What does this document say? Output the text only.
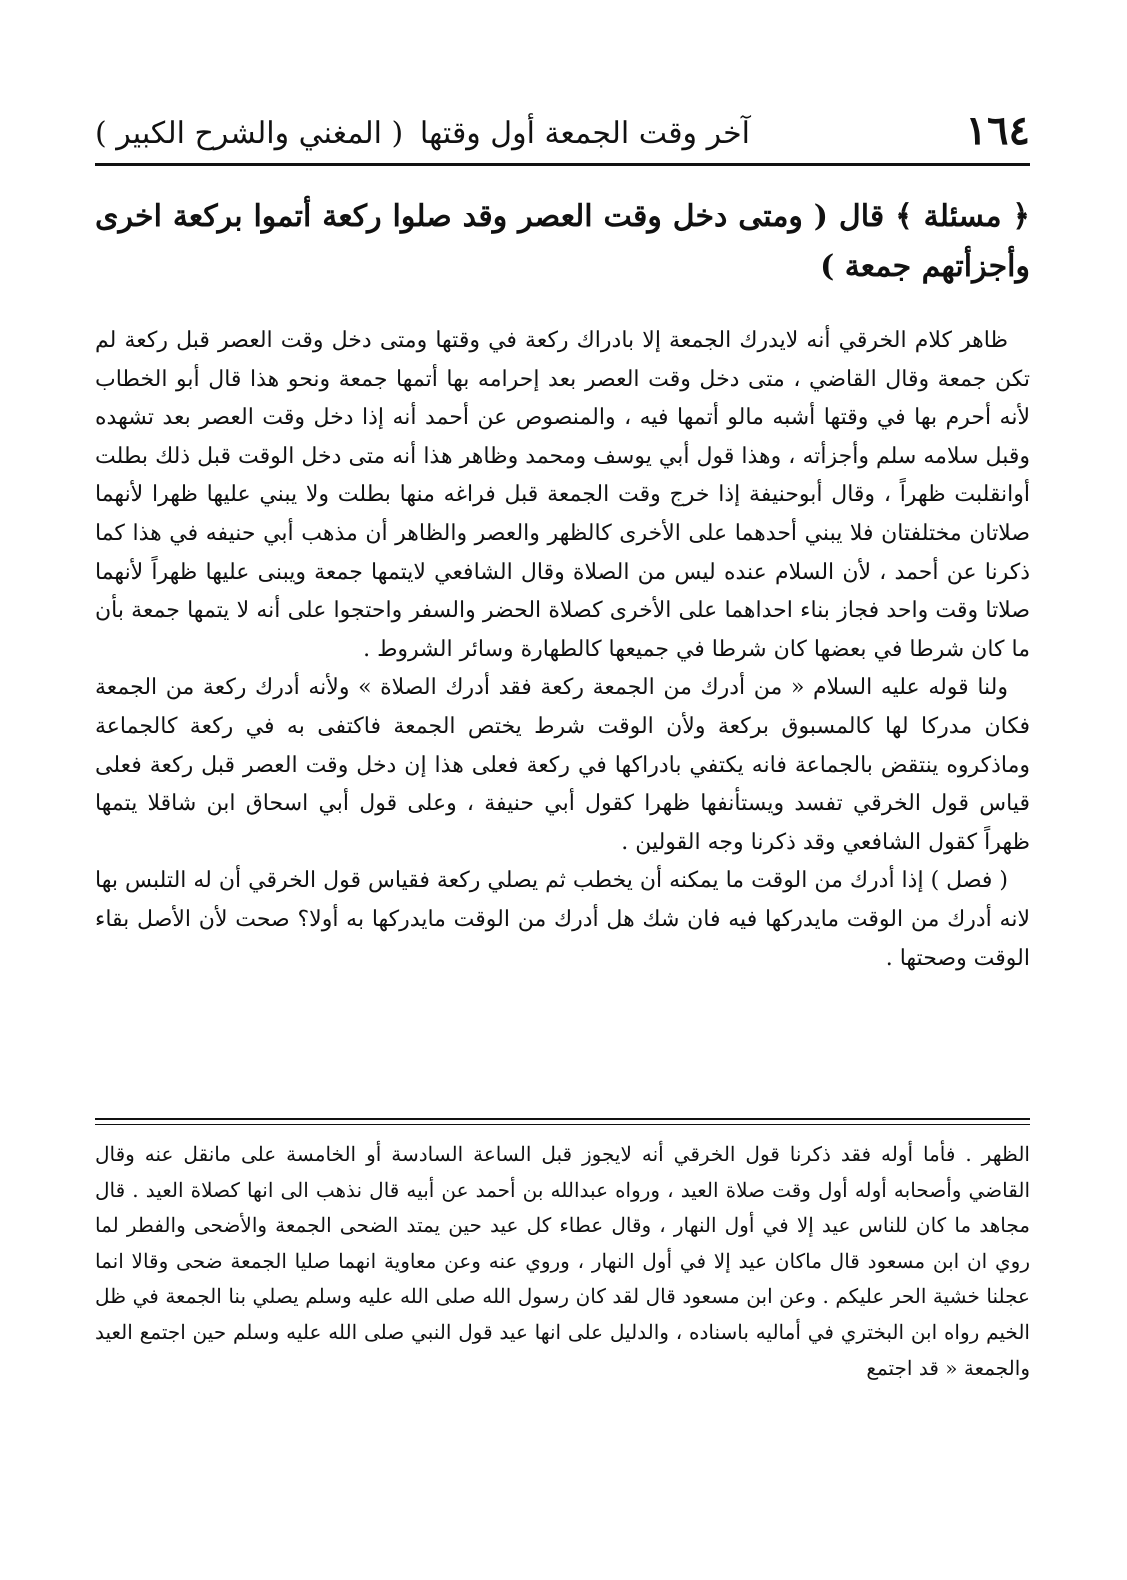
١٦٤
آخر وقت الجمعة أول وقتها
( المغني والشرح الكبير )
﴿ مسئلة ﴾ قال ( ومتى دخل وقت العصر وقد صلوا ركعة أتموا بركعة اخرى وأجزأتهم جمعة )

ظاهر كلام الخرقي أنه لايدرك الجمعة إلا بادراك ركعة في وقتها ومتى دخل وقت العصر قبل ركعة لم تكن جمعة وقال القاضي ، متى دخل وقت العصر بعد إحرامه بها أتمها جمعة ونحو هذا قال أبو الخطاب لأنه أحرم بها في وقتها أشبه مالو أتمها فيه ، والمنصوص عن أحمد أنه إذا دخل وقت العصر بعد تشهده وقبل سلامه سلم وأجزأته ، وهذا قول أبي يوسف ومحمد وظاهر هذا أنه متى دخل الوقت قبل ذلك بطلت أوانقلبت ظهراً ، وقال أبوحنيفة إذا خرج وقت الجمعة قبل فراغه منها بطلت ولا يبني عليها ظهرا لأنهما صلاتان مختلفتان فلا يبني أحدهما على الأخرى كالظهر والعصر والظاهر أن مذهب أبي حنيفه في هذا كما ذكرنا عن أحمد ، لأن السلام عنده ليس من الصلاة وقال الشافعي لايتمها جمعة ويبنى عليها ظهراً لأنهما صلاتا وقت واحد فجاز بناء احداهما على الأخرى كصلاة الحضر والسفر واحتجوا على أنه لا يتمها جمعة بأن ما كان شرطا في بعضها كان شرطا في جميعها كالطهارة وسائر الشروط .

ولنا قوله عليه السلام « من أدرك من الجمعة ركعة فقد أدرك الصلاة » ولأنه أدرك ركعة من الجمعة فكان مدركا لها كالمسبوق بركعة ولأن الوقت شرط يختص الجمعة فاكتفى به في ركعة كالجماعة وماذكروه ينتقض بالجماعة فانه يكتفي بادراكها في ركعة فعلى هذا إن دخل وقت العصر قبل ركعة فعلى قياس قول الخرقي تفسد ويستأنفها ظهرا كقول أبي حنيفة ، وعلى قول أبي اسحاق ابن شاقلا يتمها ظهراً كقول الشافعي وقد ذكرنا وجه القولين .

( فصل ) إذا أدرك من الوقت ما يمكنه أن يخطب ثم يصلي ركعة فقياس قول الخرقي أن له التلبس بها لانه أدرك من الوقت مايدركها فيه فان شك هل أدرك من الوقت مايدركها به أولا؟ صحت لأن الأصل بقاء الوقت وصحتها .

الظهر . فأما أوله فقد ذكرنا قول الخرقي أنه لايجوز قبل الساعة السادسة أو الخامسة على مانقل عنه وقال القاضي وأصحابه أوله أول وقت صلاة العيد ، ورواه عبدالله بن أحمد عن أبيه قال نذهب الى انها كصلاة العيد . قال مجاهد ما كان للناس عيد إلا في أول النهار ، وقال عطاء كل عيد حين يمتد الضحى الجمعة والأضحى والفطر لما روي ان ابن مسعود قال ماكان عيد إلا في أول النهار ، وروي عنه وعن معاوية انهما صليا الجمعة ضحى وقالا انما عجلنا خشية الحر عليكم . وعن ابن مسعود قال لقد كان رسول الله صلى الله عليه وسلم يصلي بنا الجمعة في ظل الخيم رواه ابن البختري في أماليه باسناده ، والدليل على انها عيد قول النبي صلى الله عليه وسلم حين اجتمع العيد والجمعة « قد اجتمع
